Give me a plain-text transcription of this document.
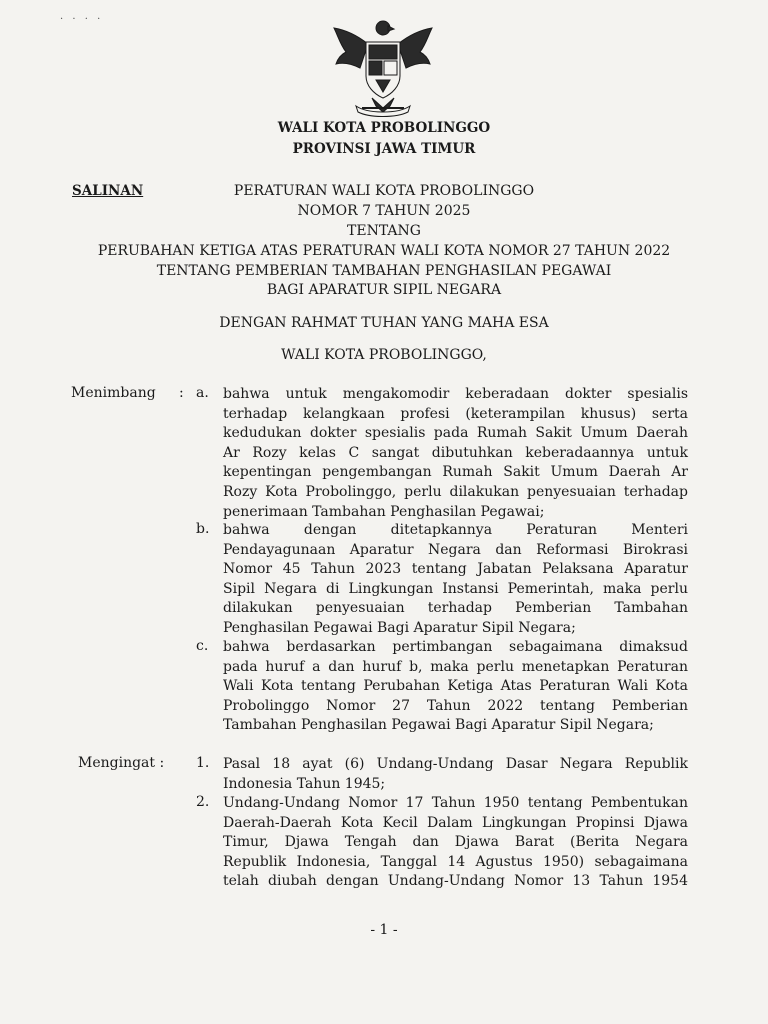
· · · ·
WALI KOTA PROBOLINGGO
PROVINSI JAWA TIMUR
SALINAN	PERATURAN WALI KOTA PROBOLINGGO
NOMOR 7 TAHUN 2025
TENTANG
PERUBAHAN KETIGA ATAS PERATURAN WALI KOTA NOMOR 27 TAHUN 2022
TENTANG PEMBERIAN TAMBAHAN PENGHASILAN PEGAWAI
BAGI APARATUR SIPIL NEGARA
DENGAN RAHMAT TUHAN YANG MAHA ESA
WALI KOTA PROBOLINGGO,
Menimbang : a. bahwa untuk mengakomodir keberadaan dokter spesialis
terhadap kelangkaan profesi (keterampilan khusus) serta
kedudukan dokter spesialis pada Rumah Sakit Umum Daerah
Ar Rozy kelas C sangat dibutuhkan keberadaannya untuk
kepentingan pengembangan Rumah Sakit Umum Daerah Ar
Rozy Kota Probolinggo, perlu dilakukan penyesuaian terhadap
penerimaan Tambahan Penghasilan Pegawai;
b. bahwa dengan ditetapkannya Peraturan Menteri
Pendayagunaan Aparatur Negara dan Reformasi Birokrasi
Nomor 45 Tahun 2023 tentang Jabatan Pelaksana Aparatur
Sipil Negara di Lingkungan Instansi Pemerintah, maka perlu
dilakukan penyesuaian terhadap Pemberian Tambahan
Penghasilan Pegawai Bagi Aparatur Sipil Negara;
c. bahwa berdasarkan pertimbangan sebagaimana dimaksud
pada huruf a dan huruf b, maka perlu menetapkan Peraturan
Wali Kota tentang Perubahan Ketiga Atas Peraturan Wali Kota
Probolinggo Nomor 27 Tahun 2022 tentang Pemberian
Tambahan Penghasilan Pegawai Bagi Aparatur Sipil Negara;
Mengingat : 1. Pasal 18 ayat (6) Undang-Undang Dasar Negara Republik
Indonesia Tahun 1945;
2. Undang-Undang Nomor 17 Tahun 1950 tentang Pembentukan
Daerah-Daerah Kota Kecil Dalam Lingkungan Propinsi Djawa
Timur, Djawa Tengah dan Djawa Barat (Berita Negara
Republik Indonesia, Tanggal 14 Agustus 1950) sebagaimana
telah diubah dengan Undang-Undang Nomor 13 Tahun 1954
- 1 -
